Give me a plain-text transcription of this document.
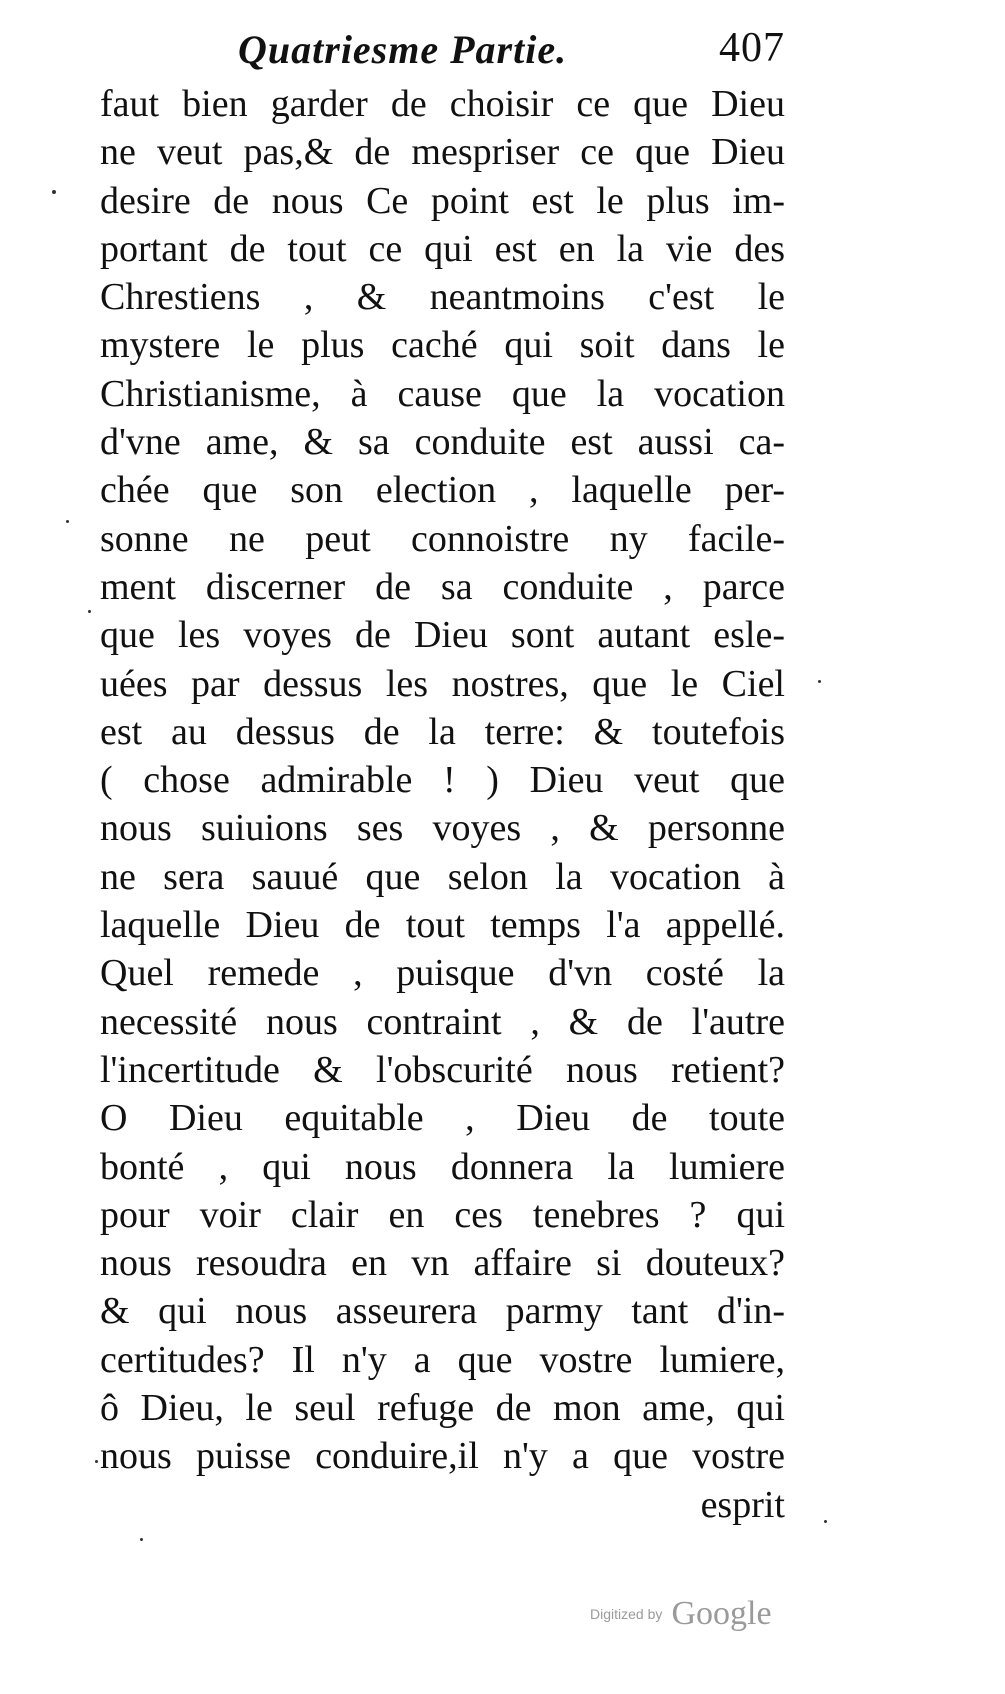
Quatriesme Partie.	407
faut bien garder de choisir ce que Dieu
ne veut pas,& de mespriser ce que Dieu
desire de nous Ce point est le plus im-
portant de tout ce qui est en la vie des
Chrestiens , & neantmoins c'est le
mystere le plus caché qui soit dans le
Christianisme, à cause que la vocation
d'vne ame, & sa conduite est aussi ca-
chée que son election , laquelle per-
sonne ne peut connoistre ny facile-
ment discerner de sa conduite , parce
que les voyes de Dieu sont autant esle-
uées par dessus les nostres, que le Ciel
est au dessus de la terre: & toutefois
( chose admirable ! ) Dieu veut que
nous suiuions ses voyes , & personne
ne sera sauué que selon la vocation à
laquelle Dieu de tout temps l'a appellé.
Quel remede , puisque d'vn costé la
necessité nous contraint , & de l'autre
l'incertitude & l'obscurité nous retient?
O Dieu equitable , Dieu de toute
bonté , qui nous donnera la lumiere
pour voir clair en ces tenebres ? qui
nous resoudra en vn affaire si douteux?
& qui nous asseurera parmy tant d'in-
certitudes? Il n'y a que vostre lumiere,
ô Dieu, le seul refuge de mon ame, qui
nous puisse conduire,il n'y a que vostre
esprit
Digitized by Google
